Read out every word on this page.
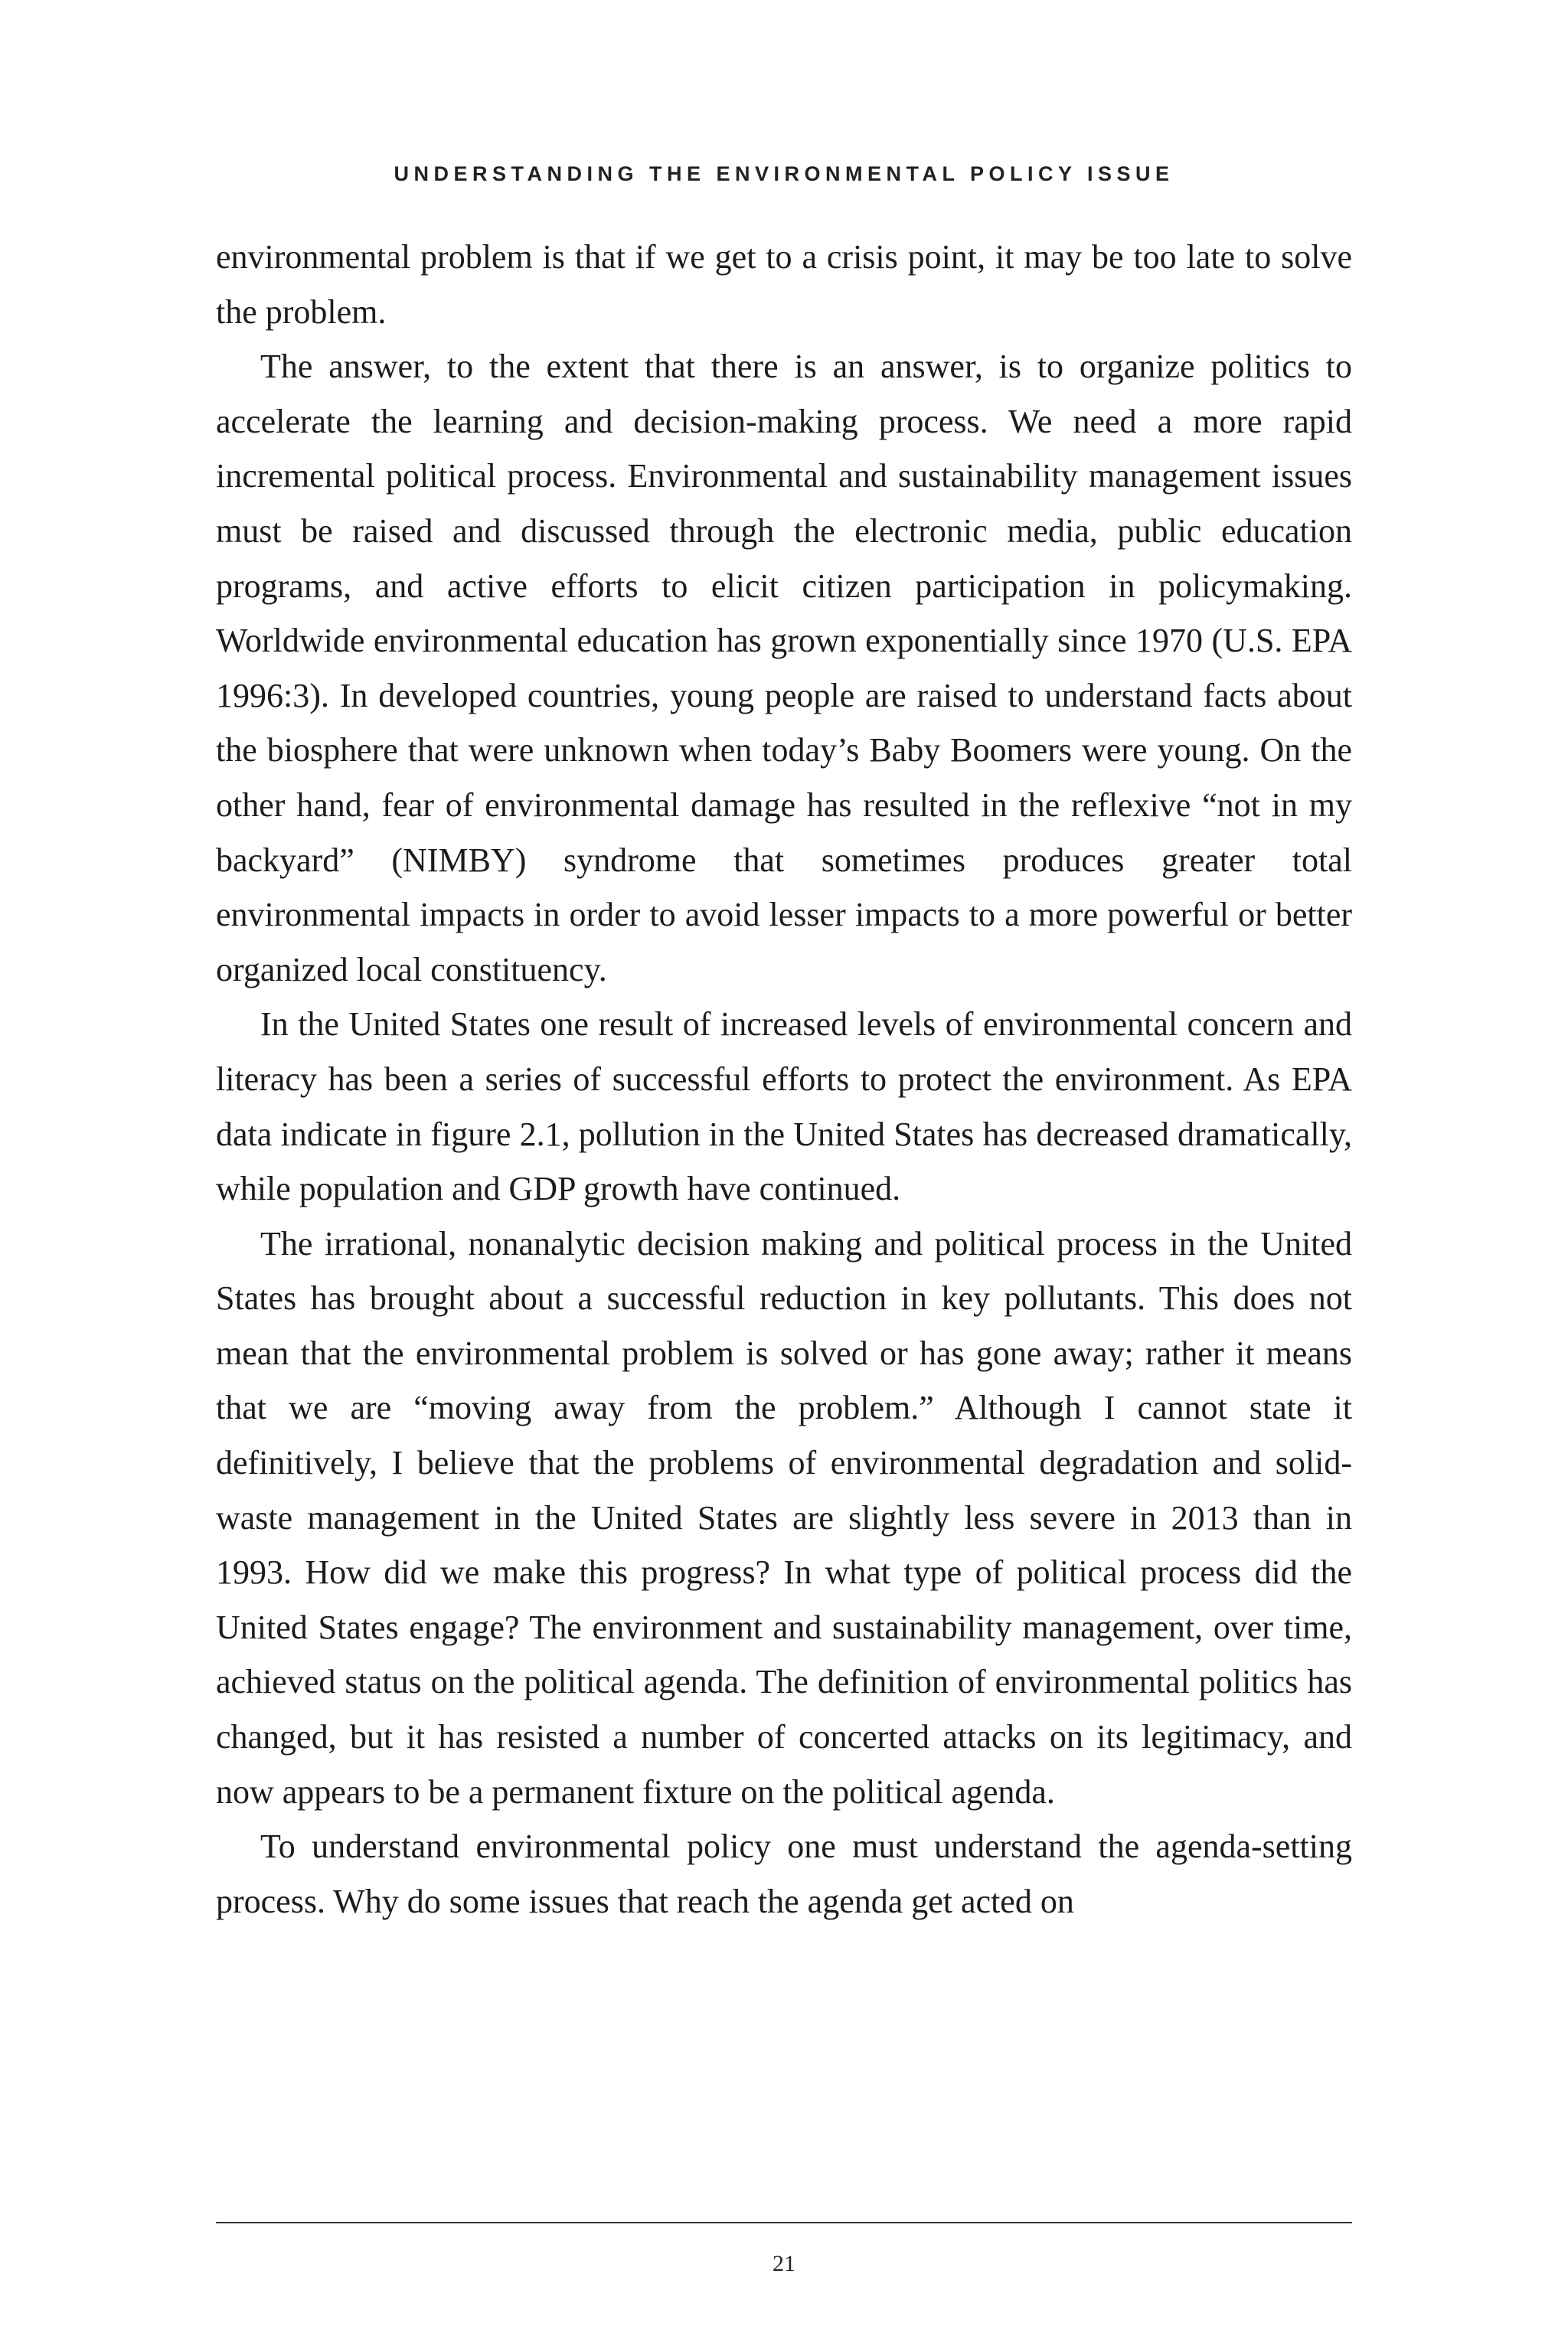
UNDERSTANDING THE ENVIRONMENTAL POLICY ISSUE

environmental problem is that if we get to a crisis point, it may be too late to solve the problem.

The answer, to the extent that there is an answer, is to organize politics to accelerate the learning and decision-making process. We need a more rapid incremental political process. Environmental and sustainability management issues must be raised and discussed through the electronic media, public education programs, and active efforts to elicit citizen participation in policymaking. Worldwide environmental education has grown exponentially since 1970 (U.S. EPA 1996:3). In developed countries, young people are raised to understand facts about the biosphere that were unknown when today’s Baby Boomers were young. On the other hand, fear of environmental damage has resulted in the reflexive “not in my backyard” (NIMBY) syndrome that sometimes produces greater total environmental impacts in order to avoid lesser impacts to a more powerful or better organized local constituency.

In the United States one result of increased levels of environmental concern and literacy has been a series of successful efforts to protect the environment. As EPA data indicate in figure 2.1, pollution in the United States has decreased dramatically, while population and GDP growth have continued.

The irrational, nonanalytic decision making and political process in the United States has brought about a successful reduction in key pollutants. This does not mean that the environmental problem is solved or has gone away; rather it means that we are “moving away from the problem.” Although I cannot state it definitively, I believe that the problems of environmental degradation and solid-waste management in the United States are slightly less severe in 2013 than in 1993. How did we make this progress? In what type of political process did the United States engage? The environment and sustainability management, over time, achieved status on the political agenda. The definition of environmental politics has changed, but it has resisted a number of concerted attacks on its legitimacy, and now appears to be a permanent fixture on the political agenda.

To understand environmental policy one must understand the agenda-setting process. Why do some issues that reach the agenda get acted on

21
